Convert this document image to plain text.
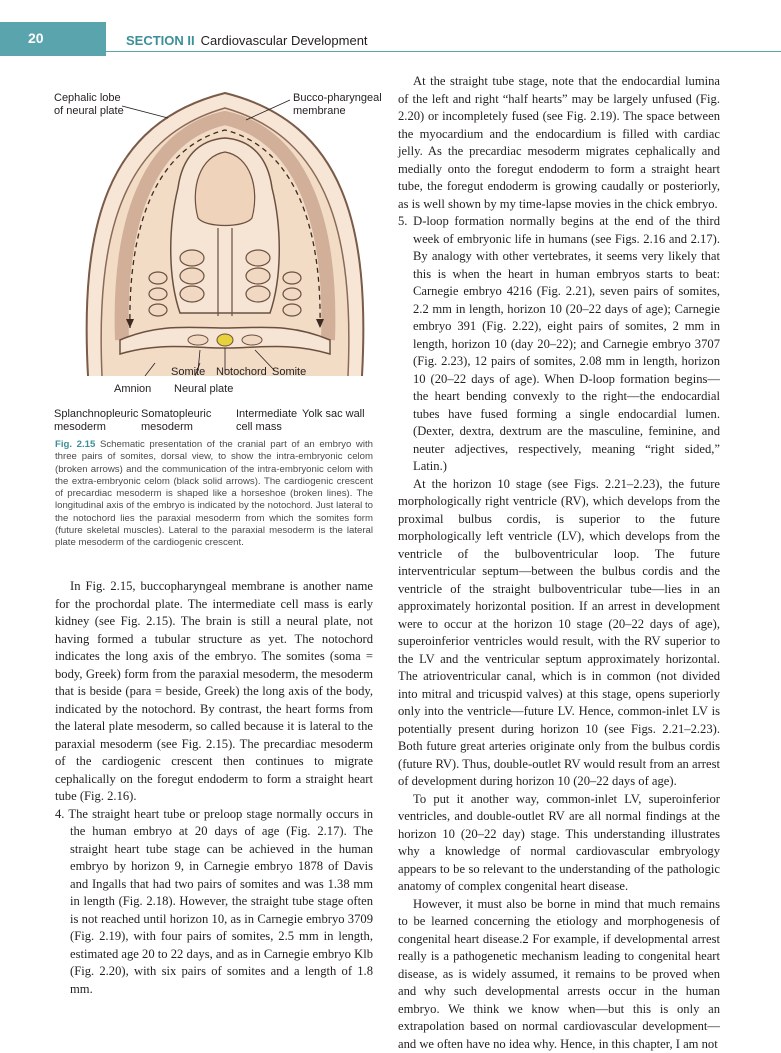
20	SECTION II Cardiovascular Development
Cephalic lobe
of neural plate
Bucco-pharyngeal
membrane
Somite Notochord Somite
Amnion Neural plate
Splanchnopleuric
mesoderm
Somatopleuric
mesoderm
Intermediate
cell mass
Yolk sac wall
Fig. 2.15 Schematic presentation of the cranial part of an embryo with three pairs of somites, dorsal view, to show the intra-embryonic celom (broken arrows) and the communication of the intra-embryonic celom with the extra-embryonic celom (black solid arrows). The cardiogenic crescent of precardiac mesoderm is shaped like a horseshoe (broken lines). The longitudinal axis of the embryo is indicated by the notochord. Just lateral to the notochord lies the paraxial mesoderm from which the somites form (future skeletal muscles). Lateral to the paraxial mesoderm is the lateral plate mesoderm of the cardiogenic crescent.

In Fig. 2.15, buccopharyngeal membrane is another name for the prochordal plate. The intermediate cell mass is early kidney (see Fig. 2.15). The brain is still a neural plate, not having formed a tubular structure as yet. The notochord indicates the long axis of the embryo. The somites (soma = body, Greek) form from the paraxial mesoderm, the mesoderm that is beside (para = beside, Greek) the long axis of the body, indicated by the notochord. By contrast, the heart forms from the lateral plate mesoderm, so called because it is lateral to the paraxial mesoderm (see Fig. 2.15). The precardiac mesoderm of the cardiogenic crescent then continues to migrate cephalically on the foregut endoderm to form a straight heart tube (Fig. 2.16).

4. The straight heart tube or preloop stage normally occurs in the human embryo at 20 days of age (Fig. 2.17). The straight heart tube stage can be achieved in the human embryo by horizon 9, in Carnegie embryo 1878 of Davis and Ingalls that had two pairs of somites and was 1.38 mm in length (Fig. 2.18). However, the straight tube stage often is not reached until horizon 10, as in Carnegie embryo 3709 (Fig. 2.19), with four pairs of somites, 2.5 mm in length, estimated age 20 to 22 days, and as in Carnegie embryo Klb (Fig. 2.20), with six pairs of somites and a length of 1.8 mm.

At the straight tube stage, note that the endocardial lumina of the left and right “half hearts” may be largely unfused (Fig. 2.20) or incompletely fused (see Fig. 2.19). The space between the myocardium and the endocardium is filled with cardiac jelly. As the precardiac mesoderm migrates cephalically and medially onto the foregut endoderm to form a straight heart tube, the foregut endoderm is growing caudally or posteriorly, as is well shown by my time-lapse movies in the chick embryo.

5. D-loop formation normally begins at the end of the third week of embryonic life in humans (see Figs. 2.16 and 2.17). By analogy with other vertebrates, it seems very likely that this is when the heart in human embryos starts to beat: Carnegie embryo 4216 (Fig. 2.21), seven pairs of somites, 2.2 mm in length, horizon 10 (20–22 days of age); Carnegie embryo 391 (Fig. 2.22), eight pairs of somites, 2 mm in length, horizon 10 (day 20–22); and Carnegie embryo 3707 (Fig. 2.23), 12 pairs of somites, 2.08 mm in length, horizon 10 (20–22 days of age). When D-loop formation begins—the heart bending convexly to the right—the endocardial tubes have fused forming a single endocardial lumen. (Dexter, dextra, dextrum are the masculine, feminine, and neuter adjectives, respectively, meaning “right sided,” Latin.)

At the horizon 10 stage (see Figs. 2.21–2.23), the future morphologically right ventricle (RV), which develops from the proximal bulbus cordis, is superior to the future morphologically left ventricle (LV), which develops from the ventricle of the bulboventricular loop. The future interventricular septum—between the bulbus cordis and the ventricle of the straight bulboventricular tube—lies in an approximately horizontal position. If an arrest in development were to occur at the horizon 10 stage (20–22 days of age), superoinferior ventricles would result, with the RV superior to the LV and the ventricular septum approximately horizontal. The atrioventricular canal, which is in common (not divided into mitral and tricuspid valves) at this stage, opens superiorly only into the ventricle—future LV. Hence, common-inlet LV is potentially present during horizon 10 (see Figs. 2.21–2.23). Both future great arteries originate only from the bulbus cordis (future RV). Thus, double-outlet RV would result from an arrest of development during horizon 10 (20–22 days of age).

To put it another way, common-inlet LV, superoinferior ventricles, and double-outlet RV are all normal findings at the horizon 10 (20–22 day) stage. This understanding illustrates why a knowledge of normal cardiovascular embryology appears to be so relevant to the understanding of the pathologic anatomy of complex congenital heart disease.

However, it must also be borne in mind that much remains to be learned concerning the etiology and morphogenesis of congenital heart disease.2 For example, if developmental arrest really is a pathogenetic mechanism leading to congenital heart disease, as is widely assumed, it remains to be proved when and why such developmental arrests occur in the human embryo. We think we know when—but this is only an extrapolation based on normal cardiovascular development—and we often have no idea why. Hence, in this chapter, I am not
